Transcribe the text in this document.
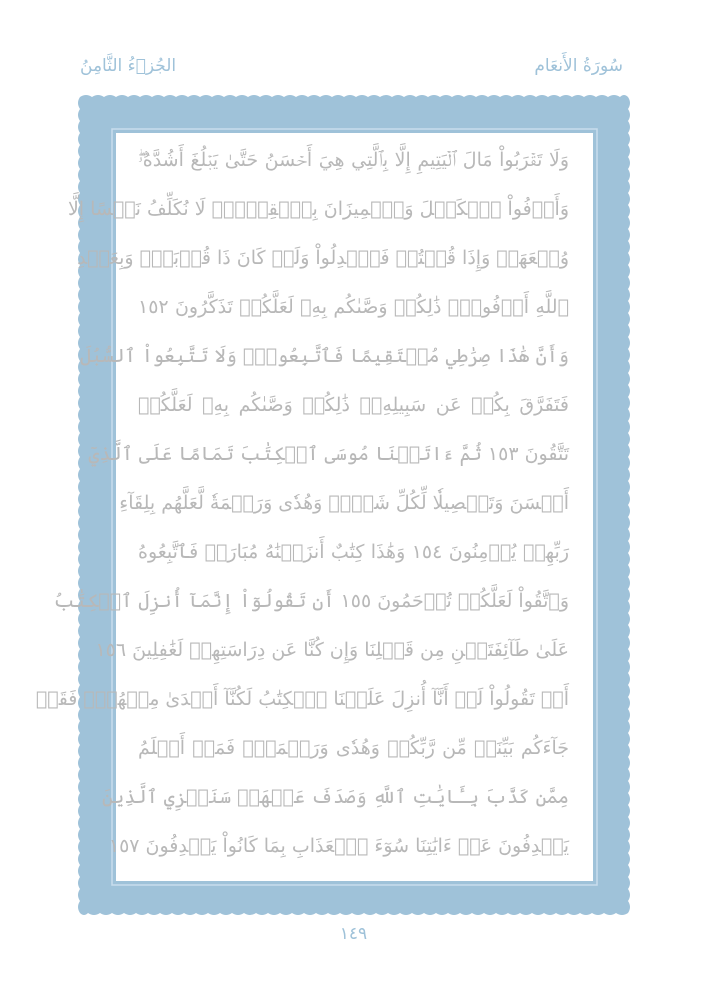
سُورَةُ الأَنعَام
الجُزۡءُ الثَّامِنُ
وَلَا تَقۡرَبُواْ مَالَ ٱلۡيَتِيمِ إِلَّا بِٱلَّتِي هِيَ أَحۡسَنُ حَتَّىٰ يَبۡلُغَ أَشُدَّهُۥۖ
وَأَوۡفُواْ ٱلۡكَيۡلَ وَٱلۡمِيزَانَ بِٱلۡقِسۡطِۖ لَا نُكَلِّفُ نَفۡسًا إِلَّا
وُسۡعَهَاۖ وَإِذَا قُلۡتُمۡ فَٱعۡدِلُواْ وَلَوۡ كَانَ ذَا قُرۡبَىٰۖ وَبِعَهۡدِ
ٱللَّهِ أَوۡفُواْۚ ذَٰلِكُمۡ وَصَّىٰكُم بِهِۦ لَعَلَّكُمۡ تَذَكَّرُونَ ١٥٢
وَأَنَّ هَٰذَا صِرَٰطِي مُسۡتَقِيمًا فَٱتَّبِعُوهُۖ وَلَا تَتَّبِعُواْ ٱلسُّبُلَ
فَتَفَرَّقَ بِكُمۡ عَن سَبِيلِهِۦۚ ذَٰلِكُمۡ وَصَّىٰكُم بِهِۦ لَعَلَّكُمۡ
تَتَّقُونَ ١٥٣ ثُمَّ ءَاتَيۡنَا مُوسَى ٱلۡكِتَٰبَ تَمَامًا عَلَى ٱلَّذِيٓ
أَحۡسَنَ وَتَفۡصِيلٗا لِّكُلِّ شَيۡءٖ وَهُدٗى وَرَحۡمَةٗ لَّعَلَّهُم بِلِقَآءِ
رَبِّهِمۡ يُؤۡمِنُونَ ١٥٤ وَهَٰذَا كِتَٰبٌ أَنزَلۡنَٰهُ مُبَارَكٞ فَٱتَّبِعُوهُ
وَٱتَّقُواْ لَعَلَّكُمۡ تُرۡحَمُونَ ١٥٥ أَن تَقُولُوٓاْ إِنَّمَآ أُنزِلَ ٱلۡكِتَٰبُ
عَلَىٰ طَآئِفَتَيۡنِ مِن قَبۡلِنَا وَإِن كُنَّا عَن دِرَاسَتِهِمۡ لَغَٰفِلِينَ ١٥٦
أَوۡ تَقُولُواْ لَوۡ أَنَّآ أُنزِلَ عَلَيۡنَا ٱلۡكِتَٰبُ لَكُنَّآ أَهۡدَىٰ مِنۡهُمۡۚ فَقَدۡ
جَآءَكُم بَيِّنَةٞ مِّن رَّبِّكُمۡ وَهُدٗى وَرَحۡمَةٞۚ فَمَنۡ أَظۡلَمُ
مِمَّن كَذَّبَ بِـَٔايَٰتِ ٱللَّهِ وَصَدَفَ عَنۡهَاۗ سَنَجۡزِي ٱلَّذِينَ
يَصۡدِفُونَ عَنۡ ءَايَٰتِنَا سُوٓءَ ٱلۡعَذَابِ بِمَا كَانُواْ يَصۡدِفُونَ ١٥٧
١٤٩
